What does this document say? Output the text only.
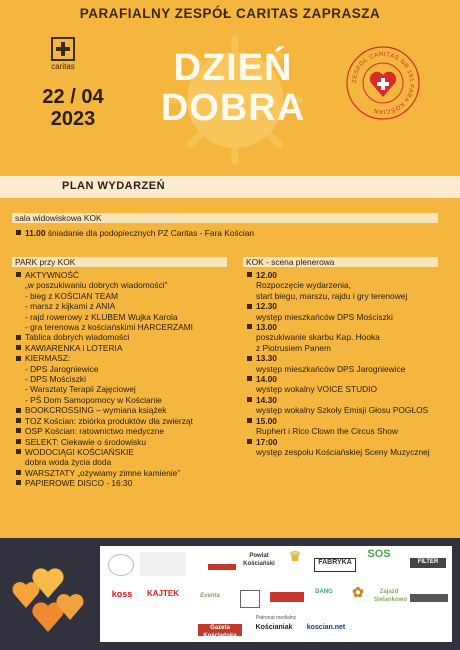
PARAFIALNY ZESPÓŁ CARITAS ZAPRASZA
caritas
22 / 04
2023
DZIEŃ
DOBRA
ZESPÓŁ CARITAS NR 161 FARA KOŚCIAN
PLAN WYDARZEŃ
sala widowiskowa KOK
11.00 śniadanie dla podopiecznych PZ Caritas - Fara Kościan
PARK przy KOK	KOK - scena plenerowa
AKTYWNOŚĆ
„w poszukiwaniu dobrych wiadomości”
- bieg z KOŚCIAN TEAM
- marsz z kijkami z ANIA
- rajd rowerowy z KLUBEM Wujka Karola
- gra terenowa z kościańskimi HARCERZAMI
Tablica dobrych wiadomości
KAWIARENKA i LOTERIA
KIERMASZ:
- DPS Jarogniewice
- DPS Mościszki
- Warsztaty Terapii Zajęciowej
- PŚ Dom Samopomocy w Kościanie
BOOKCROSSING – wymiana książek
TOZ Kościan: zbiórka produktów dla zwierząt
OSP Kościan: ratownictwo medyczne
SELEKT: Ciekawie o środowisku
WODOCIĄGI KOŚCIAŃSKIE
dobra woda życia doda
WARSZTATY „ożywiamy zimne kamienie”
PAPIEROWE DISCO - 16:30
12.00
Rozpoczęcie wydarzenia,
start biegu, marszu, rajdu i gry terenowej
12.30
występ mieszkańców DPS Mościszki
13.00
poszukiwanie skarbu Kap. Hooka
z Piotrusiem Panem
13.30
występ mieszkańców DPS Jarogniewice
14.00
występ wokalny VOICE STUDIO
14.30
występ wokalny Szkoły Emisji Głosu POGŁOS
15.00
Ruphert i Rico Clown the Circus Show
17:00
występ zespołu Kościańskiej Sceny Muzycznej
Powiat Kościański ♛	FABRYKA
SOS
FILTER
koss	KAJTEK	Eventa
DANG	✿	Zajazd Sielankowo
Patronat medialny
Gazeta Kościańska
Kościaniak	koscian.net
